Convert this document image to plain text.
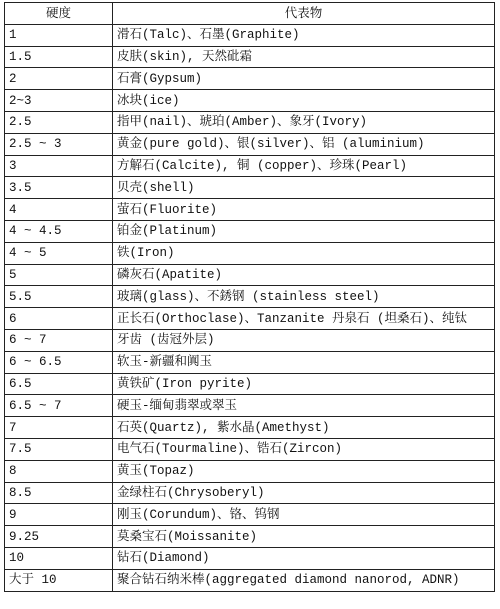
硬度	代表物
1	滑石(Talc)、石墨(Graphite)
1.5	皮肤(skin), 天然砒霜
2	石膏(Gypsum)
2~3	冰块(ice)
2.5	指甲(nail)、琥珀(Amber)、象牙(Ivory)
2.5 ~ 3	黄金(pure gold)、银(silver)、铝 (aluminium)
3	方解石(Calcite), 铜 (copper)、珍珠(Pearl)
3.5	贝壳(shell)
4	萤石(Fluorite)
4 ~ 4.5	铂金(Platinum)
4 ~ 5	铁(Iron)
5	磷灰石(Apatite)
5.5	玻璃(glass)、不銹钢 (stainless steel)
6	正长石(Orthoclase)、Tanzanite 丹泉石 (坦桑石)、纯钛
6 ~ 7	牙齿 (齿冠外层)
6 ~ 6.5	软玉-新疆和阗玉
6.5	黄铁矿(Iron pyrite)
6.5 ~ 7	硬玉-缅甸翡翠或翠玉
7	石英(Quartz), 紫水晶(Amethyst)
7.5	电气石(Tourmaline)、锆石(Zircon)
8	黄玉(Topaz)
8.5	金绿柱石(Chrysoberyl)
9	刚玉(Corundum)、铬、钨钢
9.25	莫桑宝石(Moissanite)
10	钻石(Diamond)
大于 10	聚合钻石纳米棒(aggregated diamond nanorod, ADNR)
